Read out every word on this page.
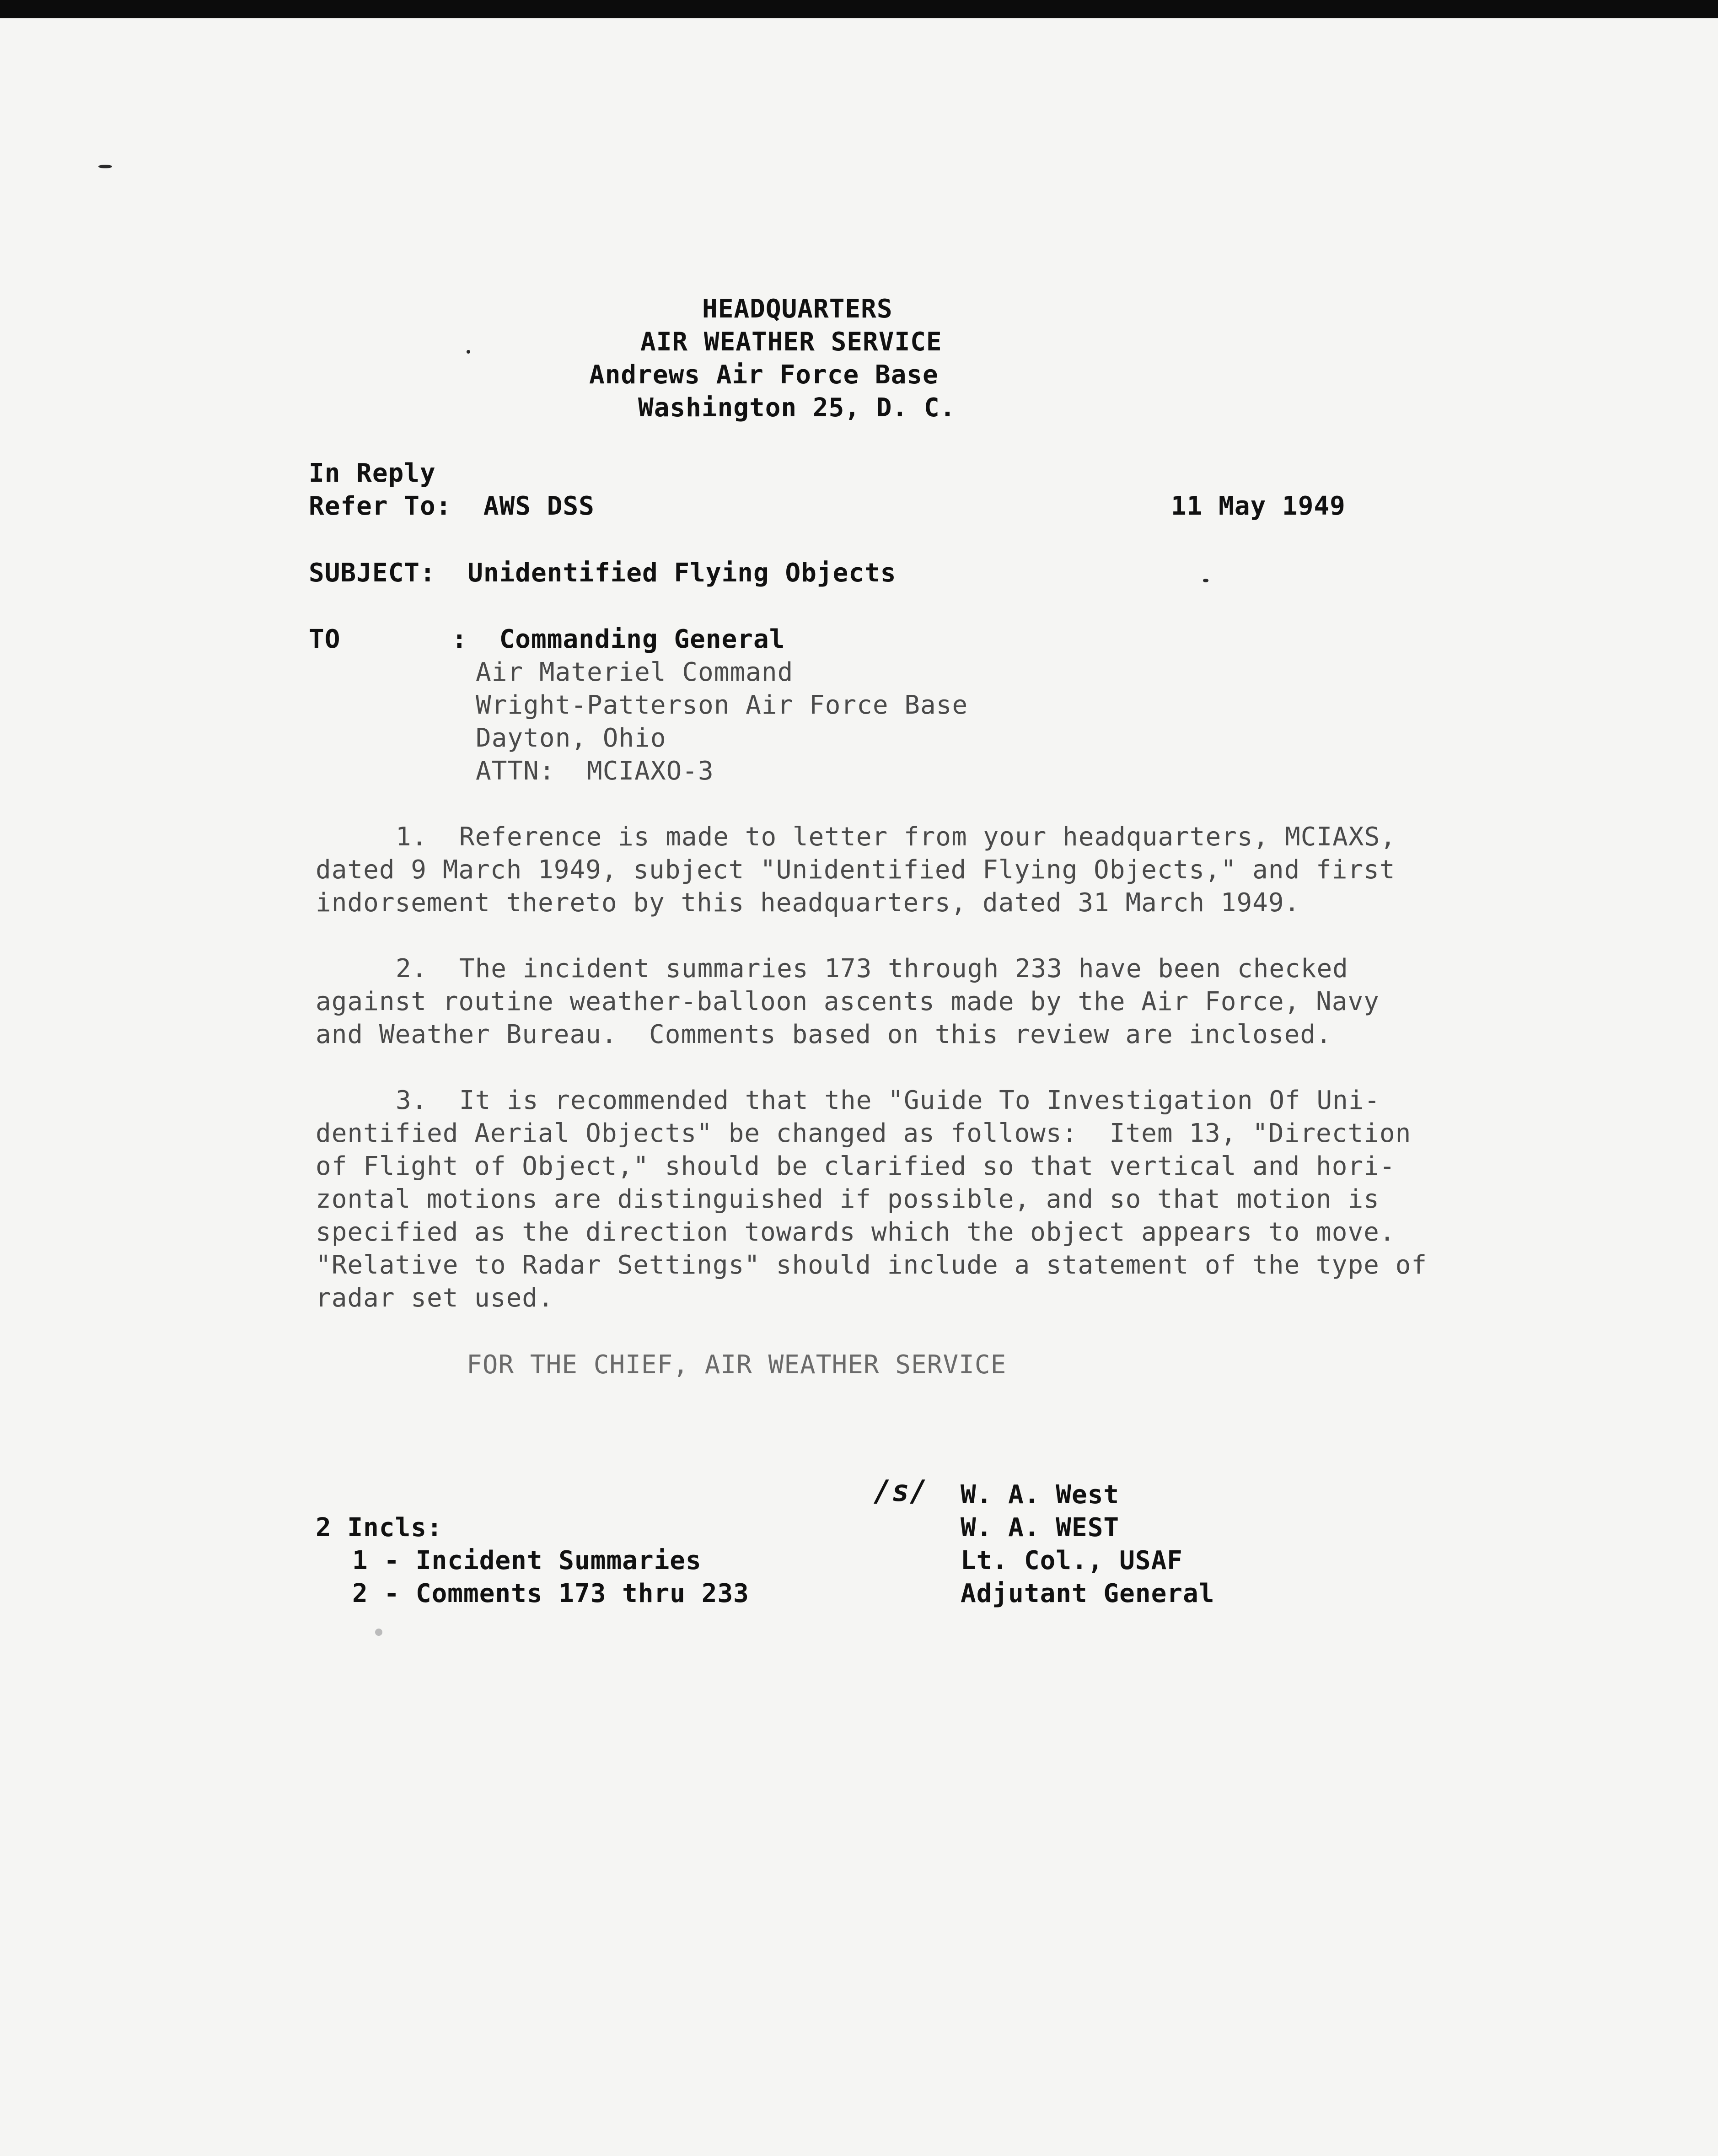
HEADQUARTERS
AIR WEATHER SERVICE
Andrews Air Force Base
Washington 25, D. C.
In Reply
Refer To:  AWS DSS	11 May 1949
SUBJECT:  Unidentified Flying Objects
TO       :  Commanding General
Air Materiel Command
Wright-Patterson Air Force Base
Dayton, Ohio
ATTN:  MCIAXO-3
1.  Reference is made to letter from your headquarters, MCIAXS,
dated 9 March 1949, subject "Unidentified Flying Objects," and first
indorsement thereto by this headquarters, dated 31 March 1949.
2.  The incident summaries 173 through 233 have been checked
against routine weather-balloon ascents made by the Air Force, Navy
and Weather Bureau.  Comments based on this review are inclosed.
3.  It is recommended that the "Guide To Investigation Of Uni-
dentified Aerial Objects" be changed as follows:  Item 13, "Direction
of Flight of Object," should be clarified so that vertical and hori-
zontal motions are distinguished if possible, and so that motion is
specified as the direction towards which the object appears to move.
"Relative to Radar Settings" should include a statement of the type of
radar set used.
FOR THE CHIEF, AIR WEATHER SERVICE
/s/ W. A. West
W. A. WEST
Lt. Col., USAF
Adjutant General
2 Incls:
1 - Incident Summaries
2 - Comments 173 thru 233
